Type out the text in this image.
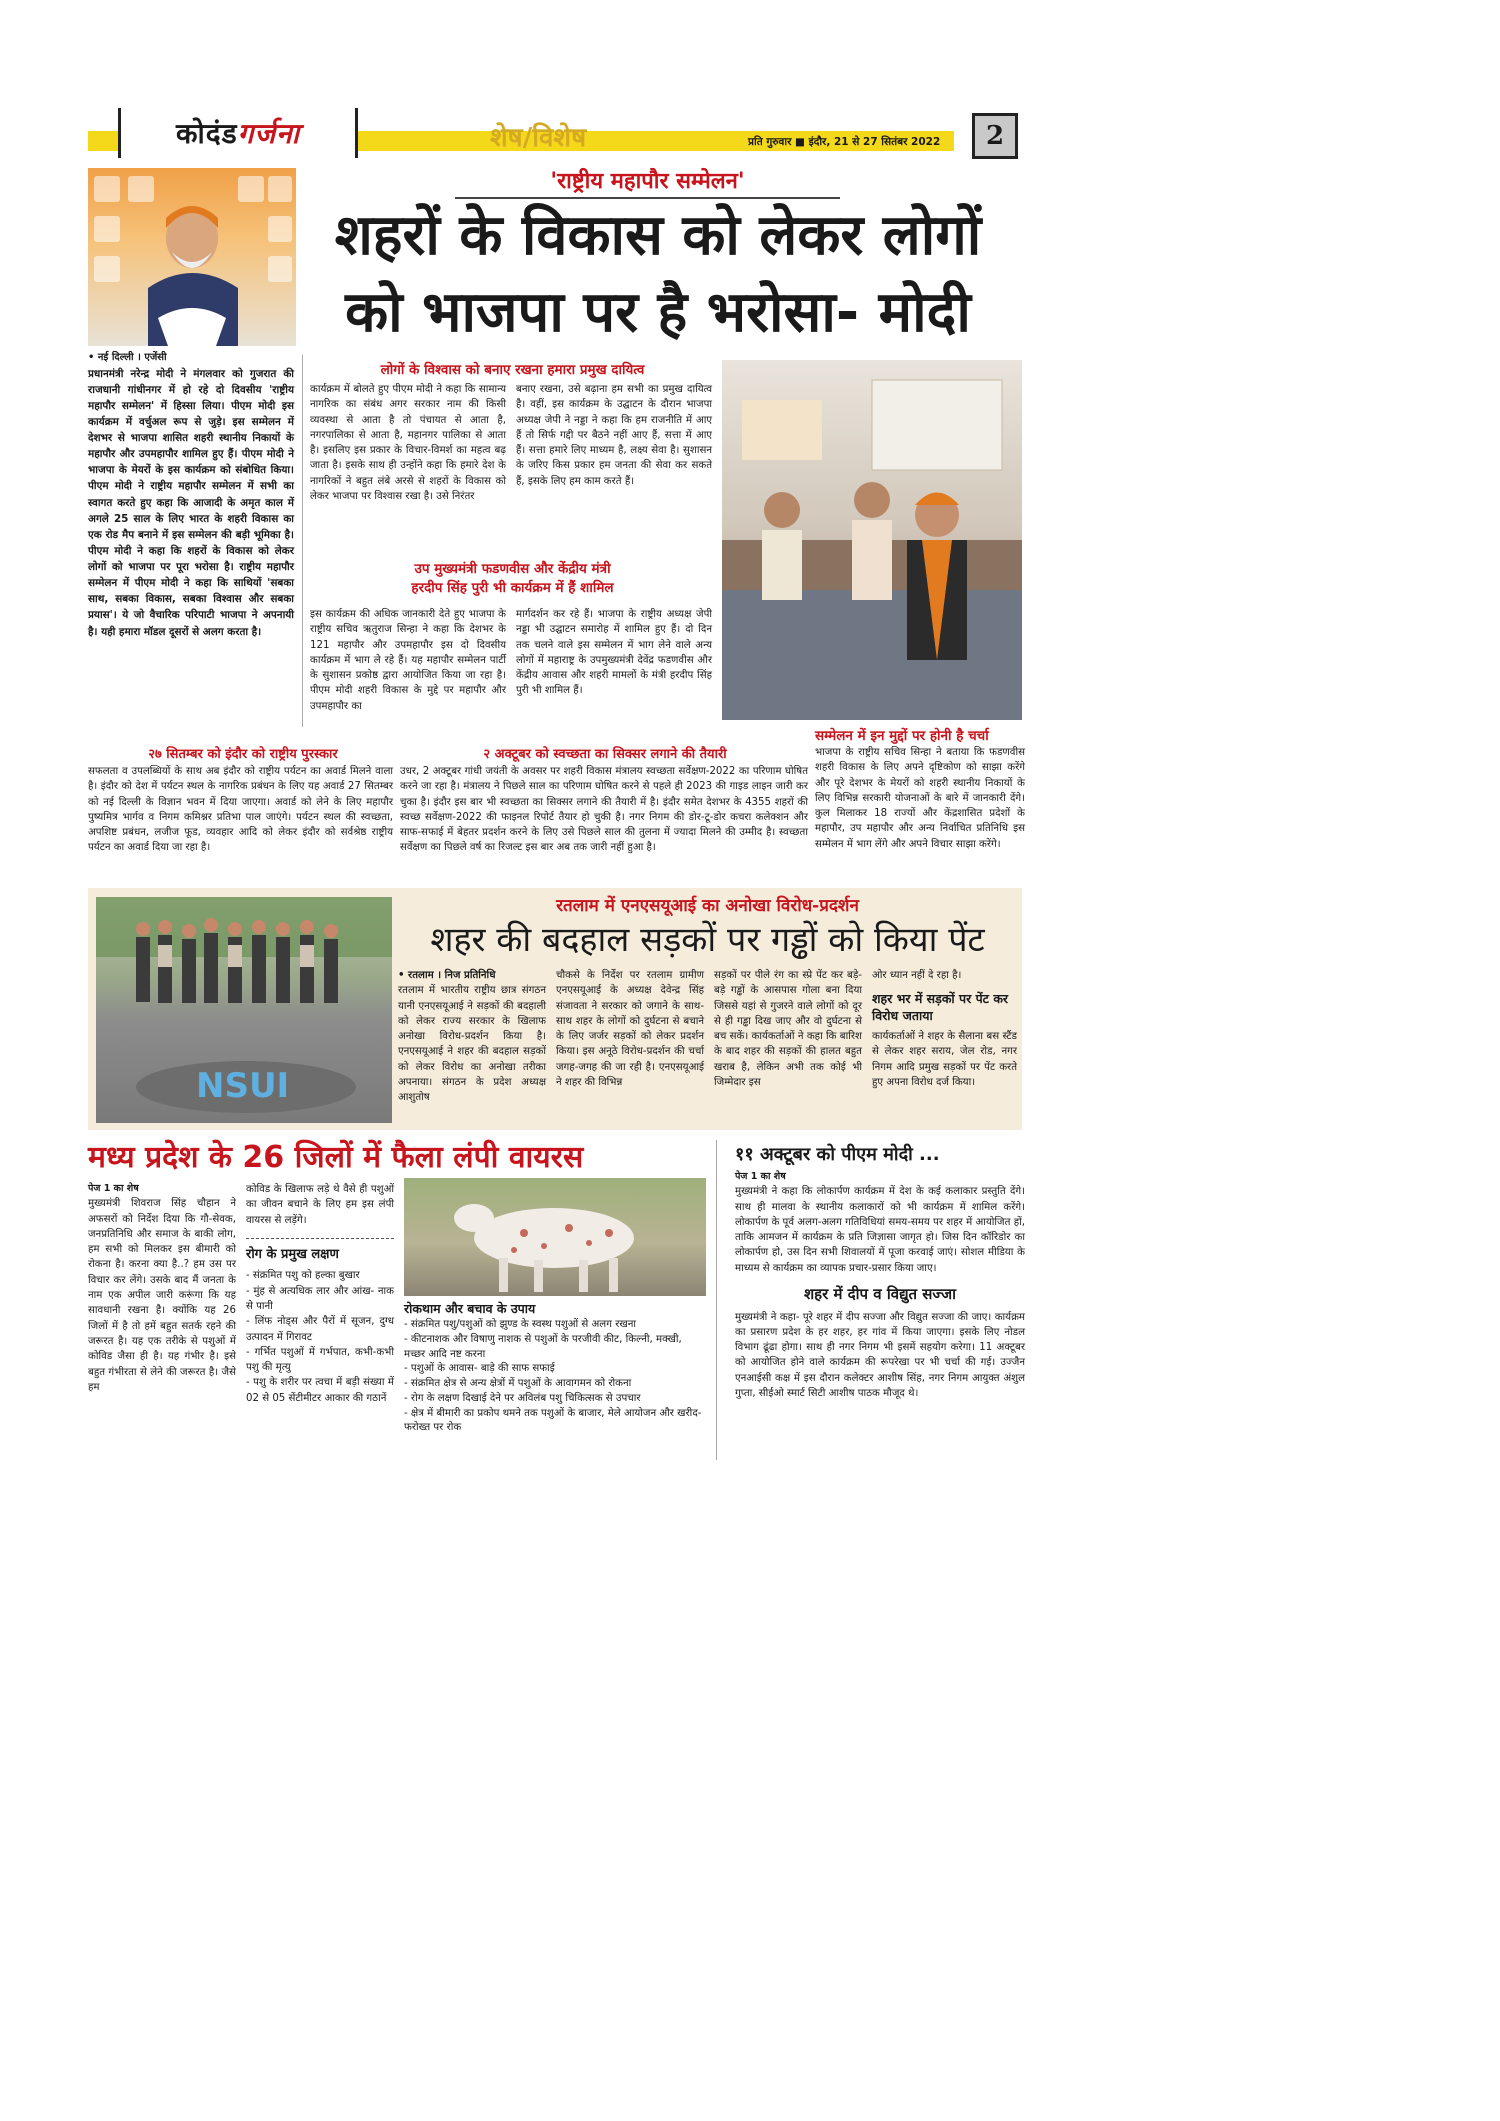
कोदंडगर्जना	शेष/विशेष	प्रति गुरुवार ■ इंदौर, 21 से 27 सितंबर 2022	2
'राष्ट्रीय महापौर सम्मेलन'
शहरों के विकास को लेकर लोगों
को भाजपा पर है भरोसा- मोदी

• नई दिल्ली । एजेंसी

प्रधानमंत्री नरेन्द्र मोदी ने मंगलवार को गुजरात की राजधानी गांधीनगर में हो रहे दो दिवसीय 'राष्ट्रीय महापौर सम्मेलन' में हिस्सा लिया। पीएम मोदी इस कार्यक्रम में वर्चुअल रूप से जुड़े। इस सम्मेलन में देशभर से भाजपा शासित शहरी स्थानीय निकायों के महापौर और उपमहापौर शामिल हुए हैं। पीएम मोदी ने भाजपा के मेयरों के इस कार्यक्रम को संबोधित किया। पीएम मोदी ने राष्ट्रीय महापौर सम्मेलन में सभी का स्वागत करते हुए कहा कि आजादी के अमृत काल में अगले 25 साल के लिए भारत के शहरी विकास का एक रोड मैप बनाने में इस सम्मेलन की बड़ी भूमिका है। पीएम मोदी ने कहा कि शहरों के विकास को लेकर लोगों को भाजपा पर पूरा भरोसा है। राष्ट्रीय महापौर सम्मेलन में पीएम मोदी ने कहा कि साथियों 'सबका साथ, सबका विकास, सबका विश्वास और सबका प्रयास'। ये जो वैचारिक परिपाटी भाजपा ने अपनायी है। यही हमारा मॉडल दूसरों से अलग करता है।

लोगों के विश्वास को बनाए रखना हमारा प्रमुख दायित्व
कार्यक्रम में बोलते हुए पीएम मोदी ने कहा कि सामान्य नागरिक का संबंध अगर सरकार नाम की किसी व्यवस्था से आता है तो पंचायत से आता है, नगरपालिका से आता है, महानगर पालिका से आता है। इसलिए इस प्रकार के विचार-विमर्श का महत्व बढ़ जाता है। इसके साथ ही उन्होंने कहा कि हमारे देश के नागरिकों ने बहुत लंबे अरसे से शहरों के विकास को लेकर भाजपा पर विश्वास रखा है। उसे निरंतर
बनाए रखना, उसे बढ़ाना हम सभी का प्रमुख दायित्व है। वहीं, इस कार्यक्रम के उद्घाटन के दौरान भाजपा अध्यक्ष जेपी ने नड्डा ने कहा कि हम राजनीति में आए हैं तो सिर्फ गद्दी पर बैठने नहीं आए हैं, सत्ता में आए हैं। सत्ता हमारे लिए माध्यम है, लक्ष्य सेवा है। सुशासन के जरिए किस प्रकार हम जनता की सेवा कर सकते हैं, इसके लिए हम काम करते हैं।
उप मुख्यमंत्री फडणवीस और केंद्रीय मंत्री
हरदीप सिंह पुरी भी कार्यक्रम में हैं शामिल
इस कार्यक्रम की अधिक जानकारी देते हुए भाजपा के राष्ट्रीय सचिव ऋतुराज सिन्हा ने कहा कि देशभर के 121 महापौर और उपमहापौर इस दो दिवसीय कार्यक्रम में भाग ले रहे हैं। यह महापौर सम्मेलन पार्टी के सुशासन प्रकोष्ठ द्वारा आयोजित किया जा रहा है। पीएम मोदी शहरी विकास के मुद्दे पर महापौर और उपमहापौर का
मार्गदर्शन कर रहे हैं। भाजपा के राष्ट्रीय अध्यक्ष जेपी नड्डा भी उद्घाटन समारोह में शामिल हुए हैं। दो दिन तक चलने वाले इस सम्मेलन में भाग लेने वाले अन्य लोगों में महाराष्ट्र के उपमुख्यमंत्री देवेंद्र फडणवीस और केंद्रीय आवास और शहरी मामलों के मंत्री हरदीप सिंह पुरी भी शामिल हैं।
सम्मेलन में इन मुद्दों पर होनी है चर्चा
भाजपा के राष्ट्रीय सचिव सिन्हा ने बताया कि फडणवीस शहरी विकास के लिए अपने दृष्टिकोण को साझा करेंगे और पूरे देशभर के मेयरों को शहरी स्थानीय निकायों के लिए विभिन्न सरकारी योजनाओं के बारे में जानकारी देंगे। कुल मिलाकर 18 राज्यों और केंद्रशासित प्रदेशों के महापौर, उप महापौर और अन्य निर्वाचित प्रतिनिधि इस सम्मेलन में भाग लेंगे और अपने विचार साझा करेंगे।
२७ सितम्बर को इंदौर को राष्ट्रीय पुरस्कार
सफलता व उपलब्धियों के साथ अब इंदौर को राष्ट्रीय पर्यटन का अवार्ड मिलने वाला है। इंदौर को देश में पर्यटन स्थल के नागरिक प्रबंधन के लिए यह अवार्ड 27 सितम्बर को नई दिल्ली के विज्ञान भवन में दिया जाएगा। अवार्ड को लेने के लिए महापौर पुष्यमित्र भार्गव व निगम कमिश्नर प्रतिभा पाल जाएंगे। पर्यटन स्थल की स्वच्छता, अपशिष्ट प्रबंधन, लजीज फूड, व्यवहार आदि को लेकर इंदौर को सर्वश्रेष्ठ राष्ट्रीय पर्यटन का अवार्ड दिया जा रहा है।
२ अक्टूबर को स्वच्छता का सिक्सर लगाने की तैयारी
उधर, 2 अक्टूबर गांधी जयंती के अवसर पर शहरी विकास मंत्रालय स्वच्छता सर्वेक्षण-2022 का परिणाम घोषित करने जा रहा है। मंत्रालय ने पिछले साल का परिणाम घोषित करने से पहले ही 2023 की गाइड लाइन जारी कर चुका है। इंदौर इस बार भी स्वच्छता का सिक्सर लगाने की तैयारी में है। इंदौर समेत देशभर के 4355 शहरों की स्वच्छ सर्वेक्षण-2022 की फाइनल रिपोर्ट तैयार हो चुकी है। नगर निगम की डोर-टू-डोर कचरा कलेक्शन और साफ-सफाई में बेहतर प्रदर्शन करने के लिए उसे पिछले साल की तुलना में ज्यादा मिलने की उम्मीद है। स्वच्छता सर्वेक्षण का पिछले वर्ष का रिजल्ट इस बार अब तक जारी नहीं हुआ है।
NSUI
रतलाम में एनएसयूआई का अनोखा विरोध-प्रदर्शन
शहर की बदहाल सड़कों पर गड्ढों को किया पेंट

• रतलाम । निज प्रतिनिधि

रतलाम में भारतीय राष्ट्रीय छात्र संगठन यानी एनएसयूआई ने सड़कों की बदहाली को लेकर राज्य सरकार के खिलाफ अनोखा विरोध-प्रदर्शन किया है। एनएसयूआई ने शहर की बदहाल सड़कों को लेकर विरोध का अनोखा तरीका अपनाया। संगठन के प्रदेश अध्यक्ष आशुतोष

चौकसे के निर्देश पर रतलाम ग्रामीण एनएसयूआई के अध्यक्ष देवेन्द्र सिंह संजावता ने सरकार को जगाने के साथ-साथ शहर के लोगों को दुर्घटना से बचाने के लिए जर्जर सड़कों को लेकर प्रदर्शन किया। इस अनूठे विरोध-प्रदर्शन की चर्चा जगह-जगह की जा रही है। एनएसयूआई ने शहर की विभिन्न
सड़कों पर पीले रंग का स्प्रे पेंट कर बड़े-बड़े गड्ढों के आसपास गोला बना दिया जिससे यहां से गुजरने वाले लोगों को दूर से ही गड्ढा दिख जाए और वो दुर्घटना से बच सकें। कार्यकर्ताओं ने कहा कि बारिश के बाद शहर की सड़कों की हालत बहुत खराब है, लेकिन अभी तक कोई भी जिम्मेदार इस

ओर ध्यान नहीं दे रहा है।

शहर भर में सड़कों पर पेंट कर विरोध जताया

कार्यकर्ताओं ने शहर के सैलाना बस स्टैंड से लेकर शहर सराय, जेल रोड, नगर निगम आदि प्रमुख सड़कों पर पेंट करते हुए अपना विरोध दर्ज किया।

मध्य प्रदेश के 26 जिलों में फैला लंपी वायरस

पेज 1 का शेष

मुख्यमंत्री शिवराज सिंह चौहान ने अफसरों को निर्देश दिया कि गौ-सेवक, जनप्रतिनिधि और समाज के बाकी लोग, हम सभी को मिलकर इस बीमारी को रोकना है। करना क्या है..? हम उस पर विचार कर लेंगे। उसके बाद मैं जनता के नाम एक अपील जारी करूंगा कि यह सावधानी रखना है। क्योंकि यह 26 जिलों में है तो हमें बहुत सतर्क रहने की जरूरत है। यह एक तरीके से पशुओं में कोविड जैसा ही है। यह गंभीर है। इसे बहुत गंभीरता से लेने की जरूरत है। जैसे हम

कोविड के खिलाफ लड़े थे वैसे ही पशुओं का जीवन बचाने के लिए हम इस लंपी वायरस से लड़ेंगे।

रोग के प्रमुख लक्षण

- संक्रमित पशु को हल्का बुखार

- मुंह से अत्यधिक लार और आंख- नाक से पानी

- लिंफ नोड्स और पैरों में सूजन, दुग्ध उत्पादन में गिरावट

- गर्भित पशुओं में गर्भपात, कभी-कभी पशु की मृत्यु

- पशु के शरीर पर त्वचा में बड़ी संख्या में 02 से 05 सेंटीमीटर आकार की गठानें

रोकथाम और बचाव के उपाय

- संक्रमित पशु/पशुओं को झुण्ड के स्वस्थ पशुओं से अलग रखना

- कीटनाशक और विषाणु नाशक से पशुओं के परजीवी कीट, किल्नी, मक्खी, मच्छर आदि नष्ट करना

- पशुओं के आवास- बाड़े की साफ सफाई

- संक्रमित क्षेत्र से अन्य क्षेत्रों में पशुओं के आवागमन को रोकना

- रोग के लक्षण दिखाई देने पर अविलंब पशु चिकित्सक से उपचार

- क्षेत्र में बीमारी का प्रकोप थमने तक पशुओं के बाजार, मेले आयोजन और खरीद-फरोख्त पर रोक

११ अक्टूबर को पीएम मोदी ...

पेज 1 का शेष

मुख्यमंत्री ने कहा कि लोकार्पण कार्यक्रम में देश के कई कलाकार प्रस्तुति देंगे। साथ ही मालवा के स्थानीय कलाकारों को भी कार्यक्रम में शामिल करेंगे। लोकार्पण के पूर्व अलग-अलग गतिविधियां समय-समय पर शहर में आयोजित हों, ताकि आमजन में कार्यक्रम के प्रति जिज्ञासा जागृत हो। जिस दिन कॉरिडोर का लोकार्पण हो, उस दिन सभी शिवालयों में पूजा करवाई जाएं। सोशल मीडिया के माध्यम से कार्यक्रम का व्यापक प्रचार-प्रसार किया जाए।

शहर में दीप व विद्युत सज्जा

मुख्यमंत्री ने कहा- पूरे शहर में दीप सज्जा और विद्युत सज्जा की जाए। कार्यक्रम का प्रसारण प्रदेश के हर शहर, हर गांव में किया जाएगा। इसके लिए नोडल विभाग ढूंढा होगा। साथ ही नगर निगम भी इसमें सहयोग करेगा। 11 अक्टूबर को आयोजित होने वाले कार्यक्रम की रूपरेखा पर भी चर्चा की गई। उज्जैन एनआईसी कक्ष में इस दौरान कलेक्टर आशीष सिंह, नगर निगम आयुक्त अंशुल गुप्ता, सीईओ स्मार्ट सिटी आशीष पाठक मौजूद थे।
